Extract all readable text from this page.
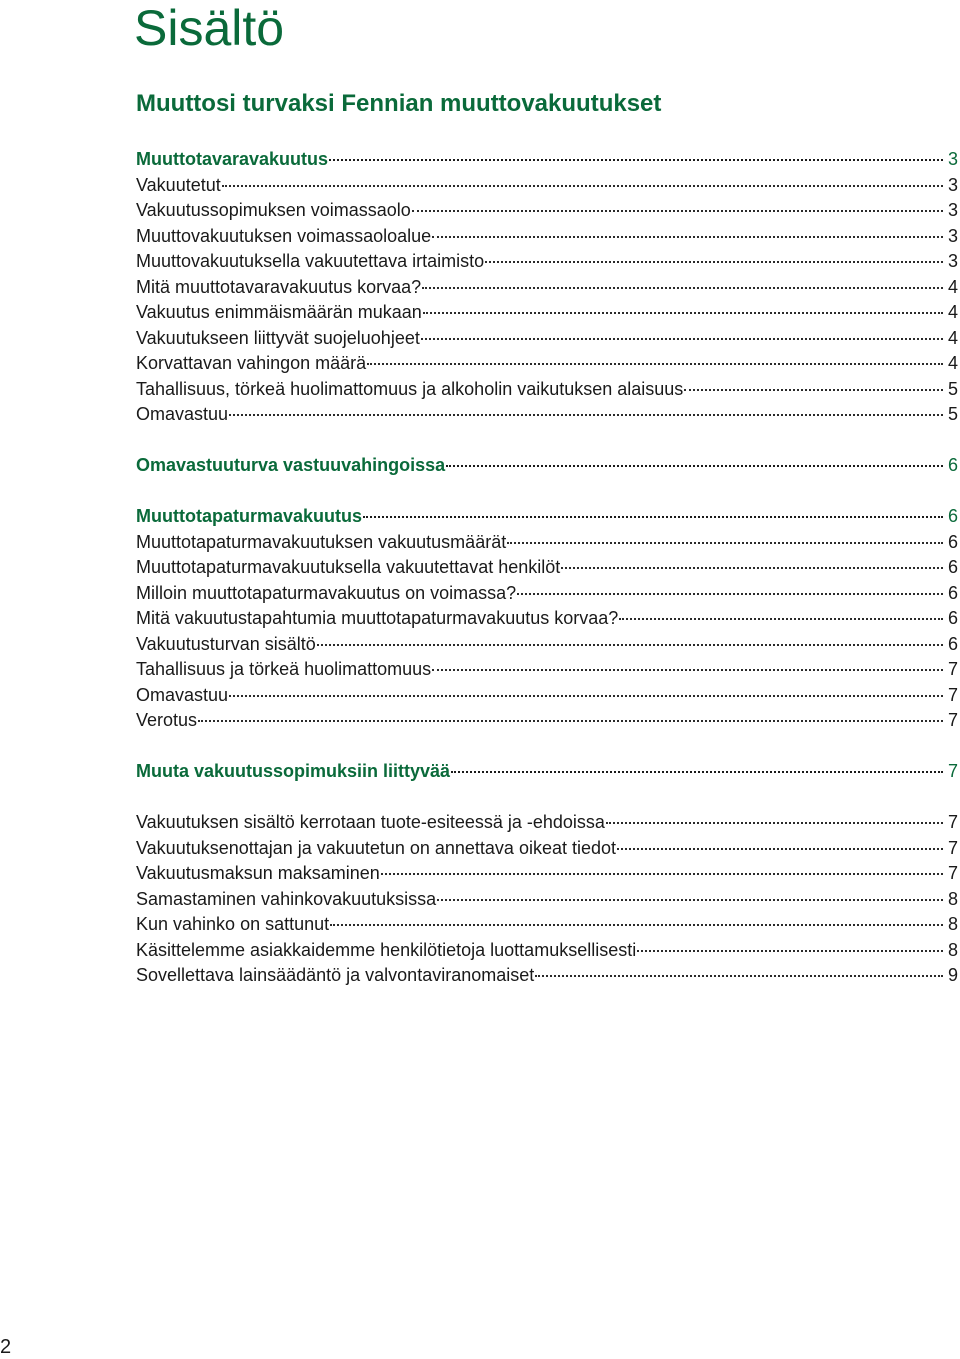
Sisältö
Muuttosi turvaksi Fennian muuttovakuutukset
Muuttotavaravakuutus	3
Vakuutetut	3
Vakuutussopimuksen voimassaolo	3
Muuttovakuutuksen voimassaoloalue	3
Muuttovakuutuksella vakuutettava irtaimisto	3
Mitä muuttotavaravakuutus korvaa?	4
Vakuutus enimmäismäärän mukaan	4
Vakuutukseen liittyvät suojeluohjeet	4
Korvattavan vahingon määrä	4
Tahallisuus, törkeä huolimattomuus ja alkoholin vaikutuksen alaisuus	5
Omavastuu	5
Omavastuuturva vastuuvahingoissa	6
Muuttotapaturmavakuutus	6
Muuttotapaturmavakuutuksen vakuutusmäärät	6
Muuttotapaturmavakuutuksella vakuutettavat henkilöt	6
Milloin muuttotapaturmavakuutus on voimassa?	6
Mitä vakuutustapahtumia muuttotapaturmavakuutus korvaa?	6
Vakuutusturvan sisältö	6
Tahallisuus ja törkeä huolimattomuus	7
Omavastuu	7
Verotus	7
Muuta vakuutussopimuksiin liittyvää	7
Vakuutuksen sisältö kerrotaan tuote-esiteessä ja -ehdoissa	7
Vakuutuksenottajan ja vakuutetun on annettava oikeat tiedot	7
Vakuutusmaksun maksaminen	7
Samastaminen vahinkovakuutuksissa	8
Kun vahinko on sattunut	8
Käsittelemme asiakkaidemme henkilötietoja luottamuksellisesti	8
Sovellettava lainsäädäntö ja valvontaviranomaiset	9
2
